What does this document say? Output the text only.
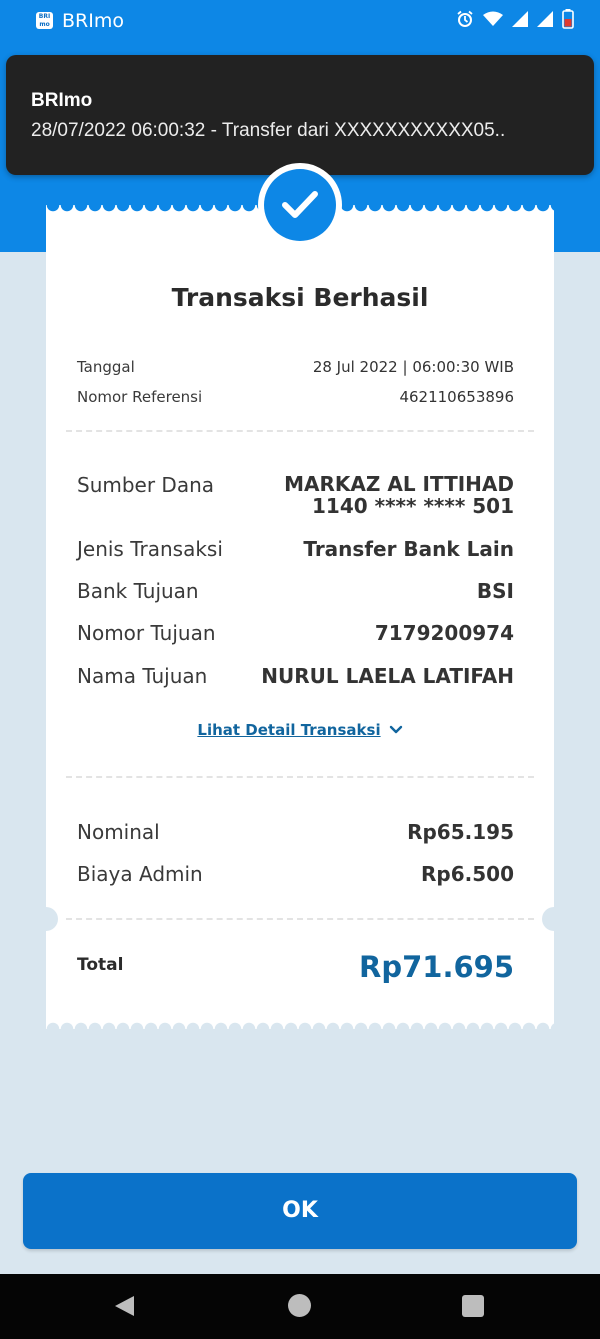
BRI mo BRImo
BRImo
28/07/2022 06:00:32 - Transfer dari XXXXXXXXXXX05..
Transaksi Berhasil
Tanggal	28 Jul 2022 | 06:00:30 WIB
Nomor Referensi	462110653896
Sumber Dana	MARKAZ AL ITTIHAD
1140 **** **** 501
Jenis Transaksi	Transfer Bank Lain
Bank Tujuan	BSI
Nomor Tujuan	7179200974
Nama Tujuan	NURUL LAELA LATIFAH
Lihat Detail Transaksi
Nominal	Rp65.195
Biaya Admin	Rp6.500
Total	Rp71.695
OK
